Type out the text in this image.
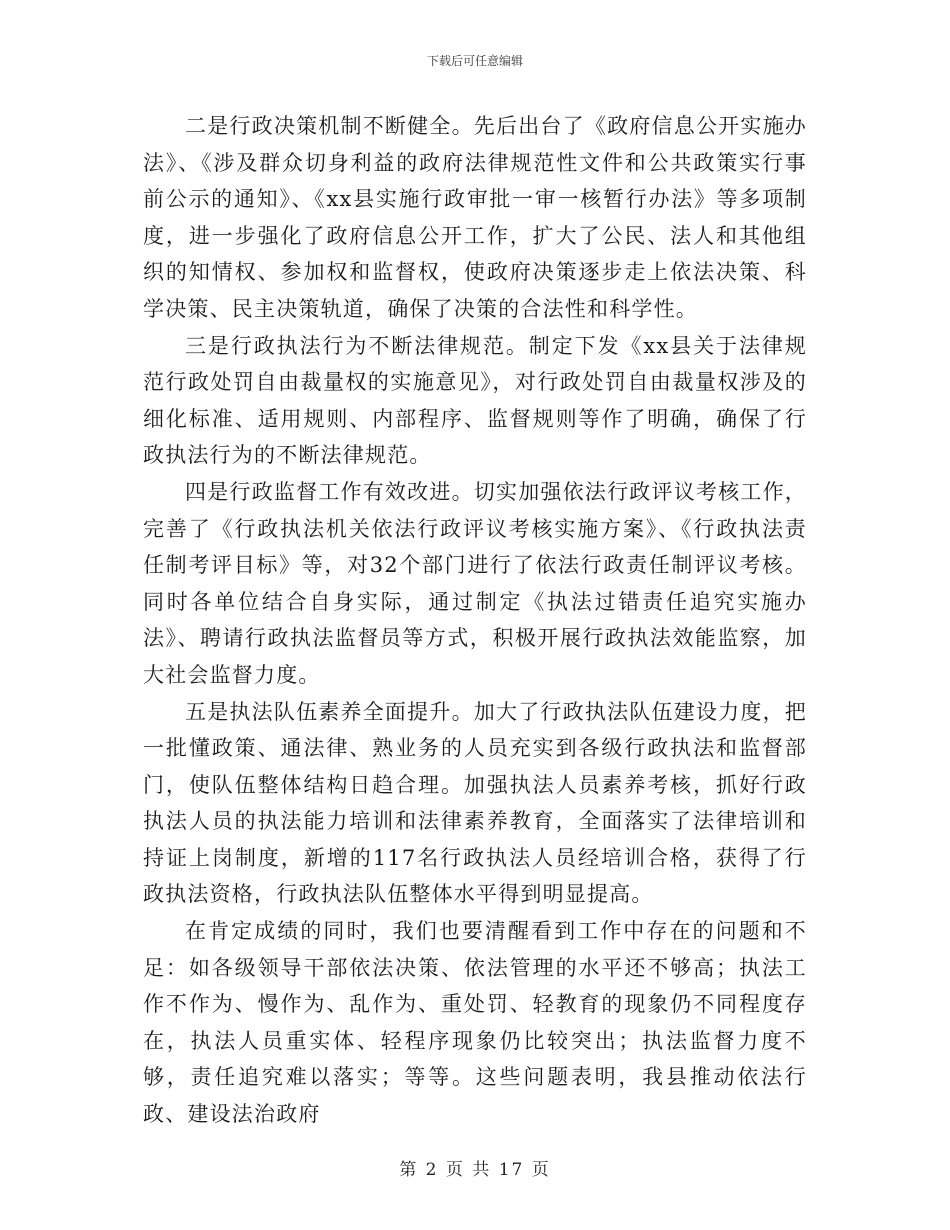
下载后可任意编辑

二是行政决策机制不断健全。先后出台了《政府信息公开实施办法》、《涉及群众切身利益的政府法律规范性文件和公共政策实行事前公示的通知》、《xx县实施行政审批一审一核暂行办法》等多项制度，进一步强化了政府信息公开工作，扩大了公民、法人和其他组织的知情权、参加权和监督权，使政府决策逐步走上依法决策、科学决策、民主决策轨道，确保了决策的合法性和科学性。

三是行政执法行为不断法律规范。制定下发《xx县关于法律规范行政处罚自由裁量权的实施意见》，对行政处罚自由裁量权涉及的细化标准、适用规则、内部程序、监督规则等作了明确，确保了行政执法行为的不断法律规范。

四是行政监督工作有效改进。切实加强依法行政评议考核工作，完善了《行政执法机关依法行政评议考核实施方案》、《行政执法责任制考评目标》等，对32个部门进行了依法行政责任制评议考核。同时各单位结合自身实际，通过制定《执法过错责任追究实施办法》、聘请行政执法监督员等方式，积极开展行政执法效能监察，加大社会监督力度。

五是执法队伍素养全面提升。加大了行政执法队伍建设力度，把一批懂政策、通法律、熟业务的人员充实到各级行政执法和监督部门，使队伍整体结构日趋合理。加强执法人员素养考核，抓好行政执法人员的执法能力培训和法律素养教育，全面落实了法律培训和持证上岗制度，新增的117名行政执法人员经培训合格，获得了行政执法资格，行政执法队伍整体水平得到明显提高。

在肯定成绩的同时，我们也要清醒看到工作中存在的问题和不足：如各级领导干部依法决策、依法管理的水平还不够高；执法工作不作为、慢作为、乱作为、重处罚、轻教育的现象仍不同程度存在，执法人员重实体、轻程序现象仍比较突出；执法监督力度不够，责任追究难以落实；等等。这些问题表明，我县推动依法行政、建设法治政府

第 2 页 共 17 页
